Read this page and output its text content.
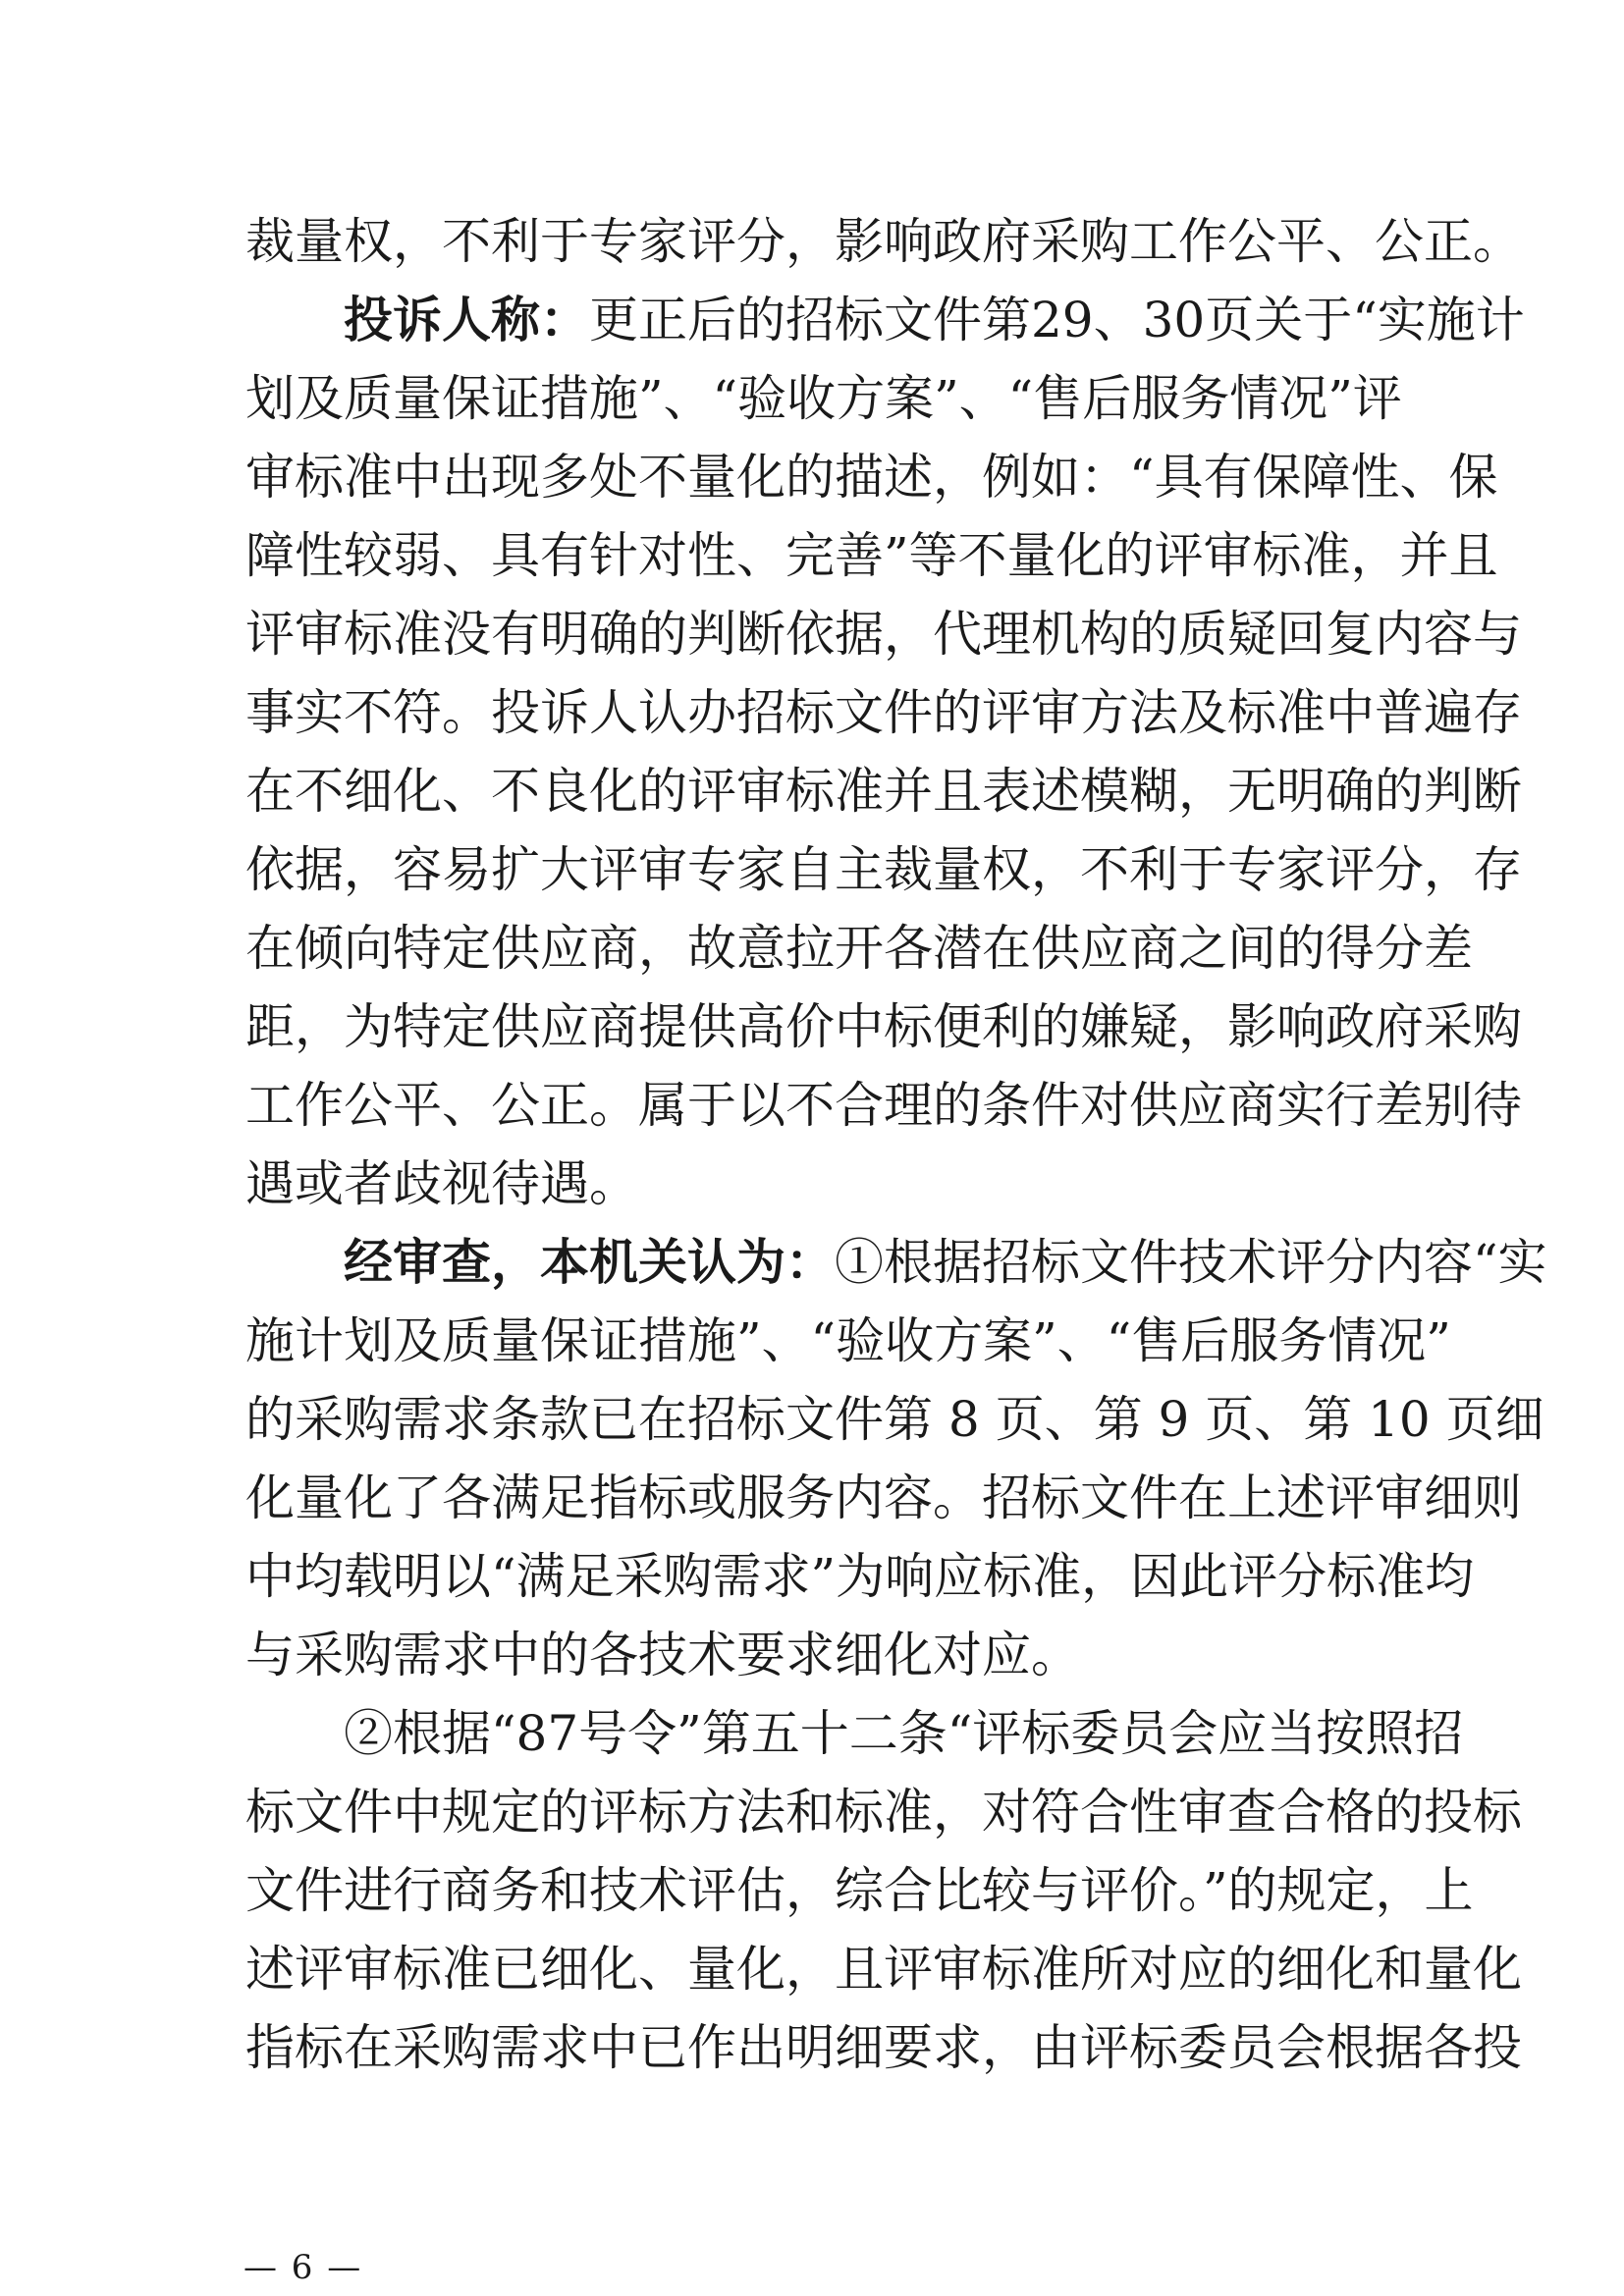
裁量权，不利于专家评分，影响政府采购工作公平、公正。
投诉人称：更正后的招标文件第29、30页关于“实施计
划及质量保证措施”、“验收方案”、“售后服务情况”评
审标准中出现多处不量化的描述，例如：“具有保障性、保
障性较弱、具有针对性、完善”等不量化的评审标准，并且
评审标准没有明确的判断依据，代理机构的质疑回复内容与
事实不符。投诉人认办招标文件的评审方法及标准中普遍存
在不细化、不良化的评审标准并且表述模糊，无明确的判断
依据，容易扩大评审专家自主裁量权，不利于专家评分，存
在倾向特定供应商，故意拉开各潜在供应商之间的得分差
距，为特定供应商提供高价中标便利的嫌疑，影响政府采购
工作公平、公正。属于以不合理的条件对供应商实行差别待
遇或者歧视待遇。
经审查，本机关认为：①根据招标文件技术评分内容“实
施计划及质量保证措施”、“验收方案”、“售后服务情况”
的采购需求条款已在招标文件第 8 页、第 9 页、第 10 页细
化量化了各满足指标或服务内容。招标文件在上述评审细则
中均载明以“满足采购需求”为响应标准，因此评分标准均
与采购需求中的各技术要求细化对应。
②根据“87号令”第五十二条“评标委员会应当按照招
标文件中规定的评标方法和标准，对符合性审查合格的投标
文件进行商务和技术评估，综合比较与评价。”的规定，上
述评审标准已细化、量化，且评审标准所对应的细化和量化
指标在采购需求中已作出明细要求，由评标委员会根据各投
— 6 —
